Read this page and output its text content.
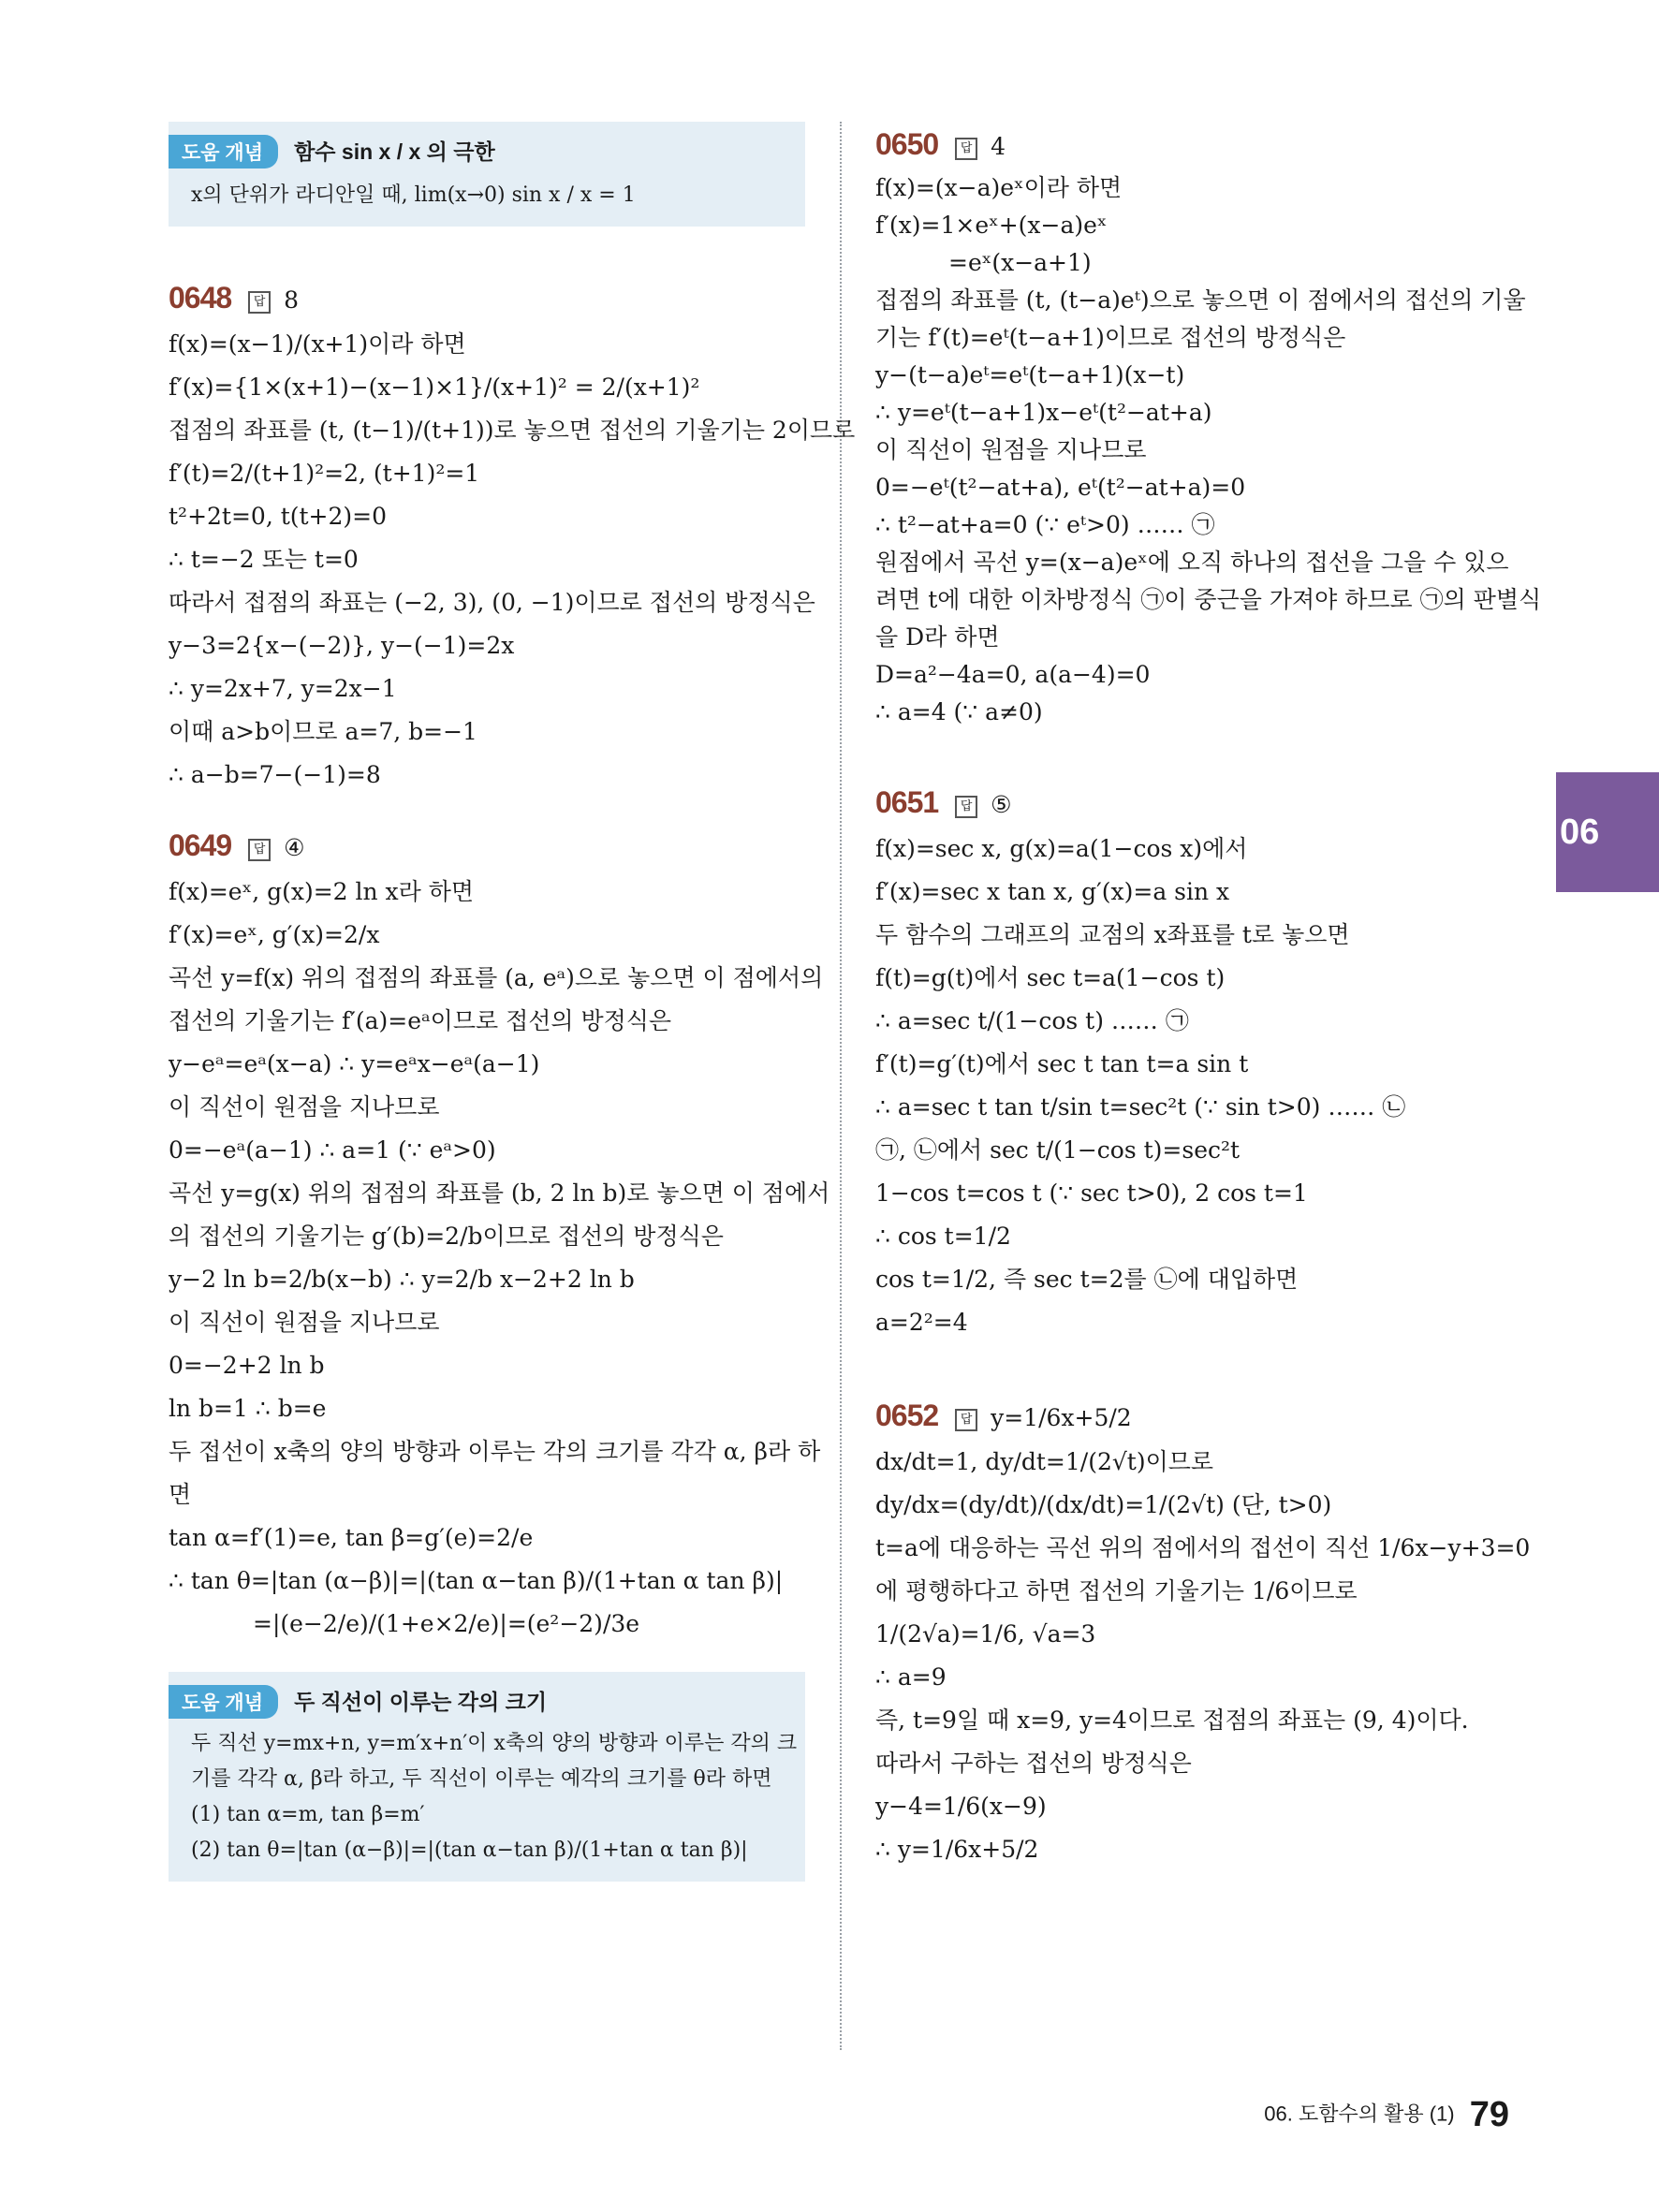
도움 개념 함수 sin x / x 의 극한
x의 단위가 라디안일 때, lim(x→0) sin x / x = 1
0648 답 8
f(x)=(x−1)/(x+1)이라 하면
f′(x)={1×(x+1)−(x−1)×1}/(x+1)² = 2/(x+1)²
접점의 좌표를 (t, (t−1)/(t+1))로 놓으면 접선의 기울기는 2이므로
f′(t)=2/(t+1)²=2, (t+1)²=1
t²+2t=0, t(t+2)=0
∴ t=−2 또는 t=0
따라서 접점의 좌표는 (−2, 3), (0, −1)이므로 접선의 방정식은
y−3=2{x−(−2)}, y−(−1)=2x
∴ y=2x+7, y=2x−1
이때 a>b이므로 a=7, b=−1
∴ a−b=7−(−1)=8
0649 답 ④
f(x)=eˣ, g(x)=2 ln x라 하면
f′(x)=eˣ, g′(x)=2/x
곡선 y=f(x) 위의 접점의 좌표를 (a, eᵃ)으로 놓으면 이 점에서의
접선의 기울기는 f′(a)=eᵃ이므로 접선의 방정식은
y−eᵃ=eᵃ(x−a) ∴ y=eᵃx−eᵃ(a−1)
이 직선이 원점을 지나므로
0=−eᵃ(a−1) ∴ a=1 (∵ eᵃ>0)
곡선 y=g(x) 위의 접점의 좌표를 (b, 2 ln b)로 놓으면 이 점에서
의 접선의 기울기는 g′(b)=2/b이므로 접선의 방정식은
y−2 ln b=2/b(x−b) ∴ y=2/b x−2+2 ln b
이 직선이 원점을 지나므로
0=−2+2 ln b
ln b=1 ∴ b=e
두 접선이 x축의 양의 방향과 이루는 각의 크기를 각각 α, β라 하
면
tan α=f′(1)=e, tan β=g′(e)=2/e
∴ tan θ=|tan (α−β)|=|(tan α−tan β)/(1+tan α tan β)|
=|(e−2/e)/(1+e×2/e)|=(e²−2)/3e
도움 개념 두 직선이 이루는 각의 크기
두 직선 y=mx+n, y=m′x+n′이 x축의 양의 방향과 이루는 각의 크
기를 각각 α, β라 하고, 두 직선이 이루는 예각의 크기를 θ라 하면
(1) tan α=m, tan β=m′
(2) tan θ=|tan (α−β)|=|(tan α−tan β)/(1+tan α tan β)|
0650 답 4
f(x)=(x−a)eˣ이라 하면
f′(x)=1×eˣ+(x−a)eˣ
=eˣ(x−a+1)
접점의 좌표를 (t, (t−a)eᵗ)으로 놓으면 이 점에서의 접선의 기울
기는 f′(t)=eᵗ(t−a+1)이므로 접선의 방정식은
y−(t−a)eᵗ=eᵗ(t−a+1)(x−t)
∴ y=eᵗ(t−a+1)x−eᵗ(t²−at+a)
이 직선이 원점을 지나므로
0=−eᵗ(t²−at+a), eᵗ(t²−at+a)=0
∴ t²−at+a=0 (∵ eᵗ>0) …… ㉠
원점에서 곡선 y=(x−a)eˣ에 오직 하나의 접선을 그을 수 있으
려면 t에 대한 이차방정식 ㉠이 중근을 가져야 하므로 ㉠의 판별식
을 D라 하면
D=a²−4a=0, a(a−4)=0
∴ a=4 (∵ a≠0)
0651 답 ⑤
f(x)=sec x, g(x)=a(1−cos x)에서
f′(x)=sec x tan x, g′(x)=a sin x
두 함수의 그래프의 교점의 x좌표를 t로 놓으면
f(t)=g(t)에서 sec t=a(1−cos t)
∴ a=sec t/(1−cos t) …… ㉠
f′(t)=g′(t)에서 sec t tan t=a sin t
∴ a=sec t tan t/sin t=sec²t (∵ sin t>0) …… ㉡
㉠, ㉡에서 sec t/(1−cos t)=sec²t
1−cos t=cos t (∵ sec t>0), 2 cos t=1
∴ cos t=1/2
cos t=1/2, 즉 sec t=2를 ㉡에 대입하면
a=2²=4
0652 답 y=1/6x+5/2
dx/dt=1, dy/dt=1/(2√t)이므로
dy/dx=(dy/dt)/(dx/dt)=1/(2√t) (단, t>0)
t=a에 대응하는 곡선 위의 점에서의 접선이 직선 1/6x−y+3=0
에 평행하다고 하면 접선의 기울기는 1/6이므로
1/(2√a)=1/6, √a=3
∴ a=9
즉, t=9일 때 x=9, y=4이므로 접점의 좌표는 (9, 4)이다.
따라서 구하는 접선의 방정식은
y−4=1/6(x−9)
∴ y=1/6x+5/2
06
06. 도함수의 활용 (1) 79
